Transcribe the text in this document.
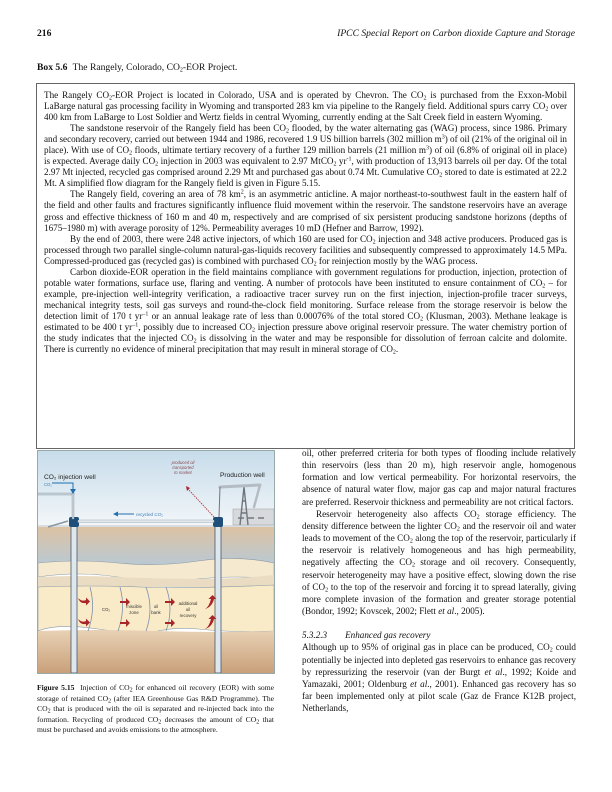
216	IPCC Special Report on Carbon dioxide Capture and Storage
Box 5.6 The Rangely, Colorado, $CO_2$-EOR Project.

The Rangely $CO_2$-EOR Project is located in Colorado, USA and is operated by Chevron. The $CO_2$ is purchased from the Exxon-Mobil LaBarge natural gas processing facility in Wyoming and transported 283 km via pipeline to the Rangely field. Additional spurs carry $CO_2$ over 400 km from LaBarge to Lost Soldier and Wertz fields in central Wyoming, currently ending at the Salt Creek field in eastern Wyoming.

The sandstone reservoir of the Rangely field has been $CO_2$ flooded, by the water alternating gas (WAG) process, since 1986. Primary and secondary recovery, carried out between 1944 and 1986, recovered 1.9 US billion barrels (302 million $m^3$) of oil (21% of the original oil in place). With use of $CO_2$ floods, ultimate tertiary recovery of a further 129 million barrels (21 million $m^3$) of oil (6.8% of original oil in place) is expected. Average daily $CO_2$ injection in 2003 was equivalent to 2.97 MtCO$_2$ $yr^{-1}$, with production of 13,913 barrels oil per day. Of the total 2.97 Mt injected, recycled gas comprised around 2.29 Mt and purchased gas about 0.74 Mt. Cumulative $CO_2$ stored to date is estimated at 22.2 Mt. A simplified flow diagram for the Rangely field is given in Figure 5.15.

The Rangely field, covering an area of 78 $km^2$, is an asymmetric anticline. A major northeast-to-southwest fault in the eastern half of the field and other faults and fractures significantly influence fluid movement within the reservoir. The sandstone reservoirs have an average gross and effective thickness of 160 m and 40 m, respectively and are comprised of six persistent producing sandstone horizons (depths of 1675–1980 m) with average porosity of 12%. Permeability averages 10 mD (Hefner and Barrow, 1992).

By the end of 2003, there were 248 active injectors, of which 160 are used for $CO_2$ injection and 348 active producers. Produced gas is processed through two parallel single-column natural-gas-liquids recovery facilities and subsequently compressed to approximately 14.5 MPa. Compressed-produced gas (recycled gas) is combined with purchased $CO_2$ for reinjection mostly by the WAG process.

Carbon dioxide-EOR operation in the field maintains compliance with government regulations for production, injection, protection of potable water formations, surface use, flaring and venting. A number of protocols have been instituted to ensure containment of $CO_2$ – for example, pre-injection well-integrity verification, a radioactive tracer survey run on the first injection, injection-profile tracer surveys, mechanical integrity tests, soil gas surveys and round-the-clock field monitoring. Surface release from the storage reservoir is below the detection limit of 170 t $yr^{-1}$ or an annual leakage rate of less than 0.00076% of the total stored $CO_2$ (Klusman, 2003). Methane leakage is estimated to be 400 t $yr^{-1}$, possibly due to increased $CO_2$ injection pressure above original reservoir pressure. The water chemistry portion of the study indicates that the injected $CO_2$ is dissolving in the water and may be responsible for dissolution of ferroan calcite and dolomite. There is currently no evidence of mineral precipitation that may result in mineral storage of $CO_2$.

CO₂ injection well
CO₂
recycled CO₂
produced oil
transported
to market	Production well
CO₂
miscible
zone
oil
bank
additional
oil
recovery
Figure 5.15 Injection of $CO_2$ for enhanced oil recovery (EOR) with some storage of retained $CO_2$ (after IEA Greenhouse Gas R&D Programme). The $CO_2$ that is produced with the oil is separated and re-injected back into the formation. Recycling of produced $CO_2$ decreases the amount of $CO_2$ that must be purchased and avoids emissions to the atmosphere.

oil, other preferred criteria for both types of flooding include relatively thin reservoirs (less than 20 m), high reservoir angle, homogenous formation and low vertical permeability. For horizontal reservoirs, the absence of natural water flow, major gas cap and major natural fractures are preferred. Reservoir thickness and permeability are not critical factors.

Reservoir heterogeneity also affects $CO_2$ storage efficiency. The density difference between the lighter $CO_2$ and the reservoir oil and water leads to movement of the $CO_2$ along the top of the reservoir, particularly if the reservoir is relatively homogeneous and has high permeability, negatively affecting the $CO_2$ storage and oil recovery. Consequently, reservoir heterogeneity may have a positive effect, slowing down the rise of $CO_2$ to the top of the reservoir and forcing it to spread laterally, giving more complete invasion of the formation and greater storage potential (Bondor, 1992; Kovscek, 2002; Flett et al., 2005).

5.3.2.3 Enhanced gas recovery

Although up to 95% of original gas in place can be produced, $CO_2$ could potentially be injected into depleted gas reservoirs to enhance gas recovery by repressurizing the reservoir (van der Burgt et al., 1992; Koide and Yamazaki, 2001; Oldenburg et al., 2001). Enhanced gas recovery has so far been implemented only at pilot scale (Gaz de France K12B project, Netherlands,
